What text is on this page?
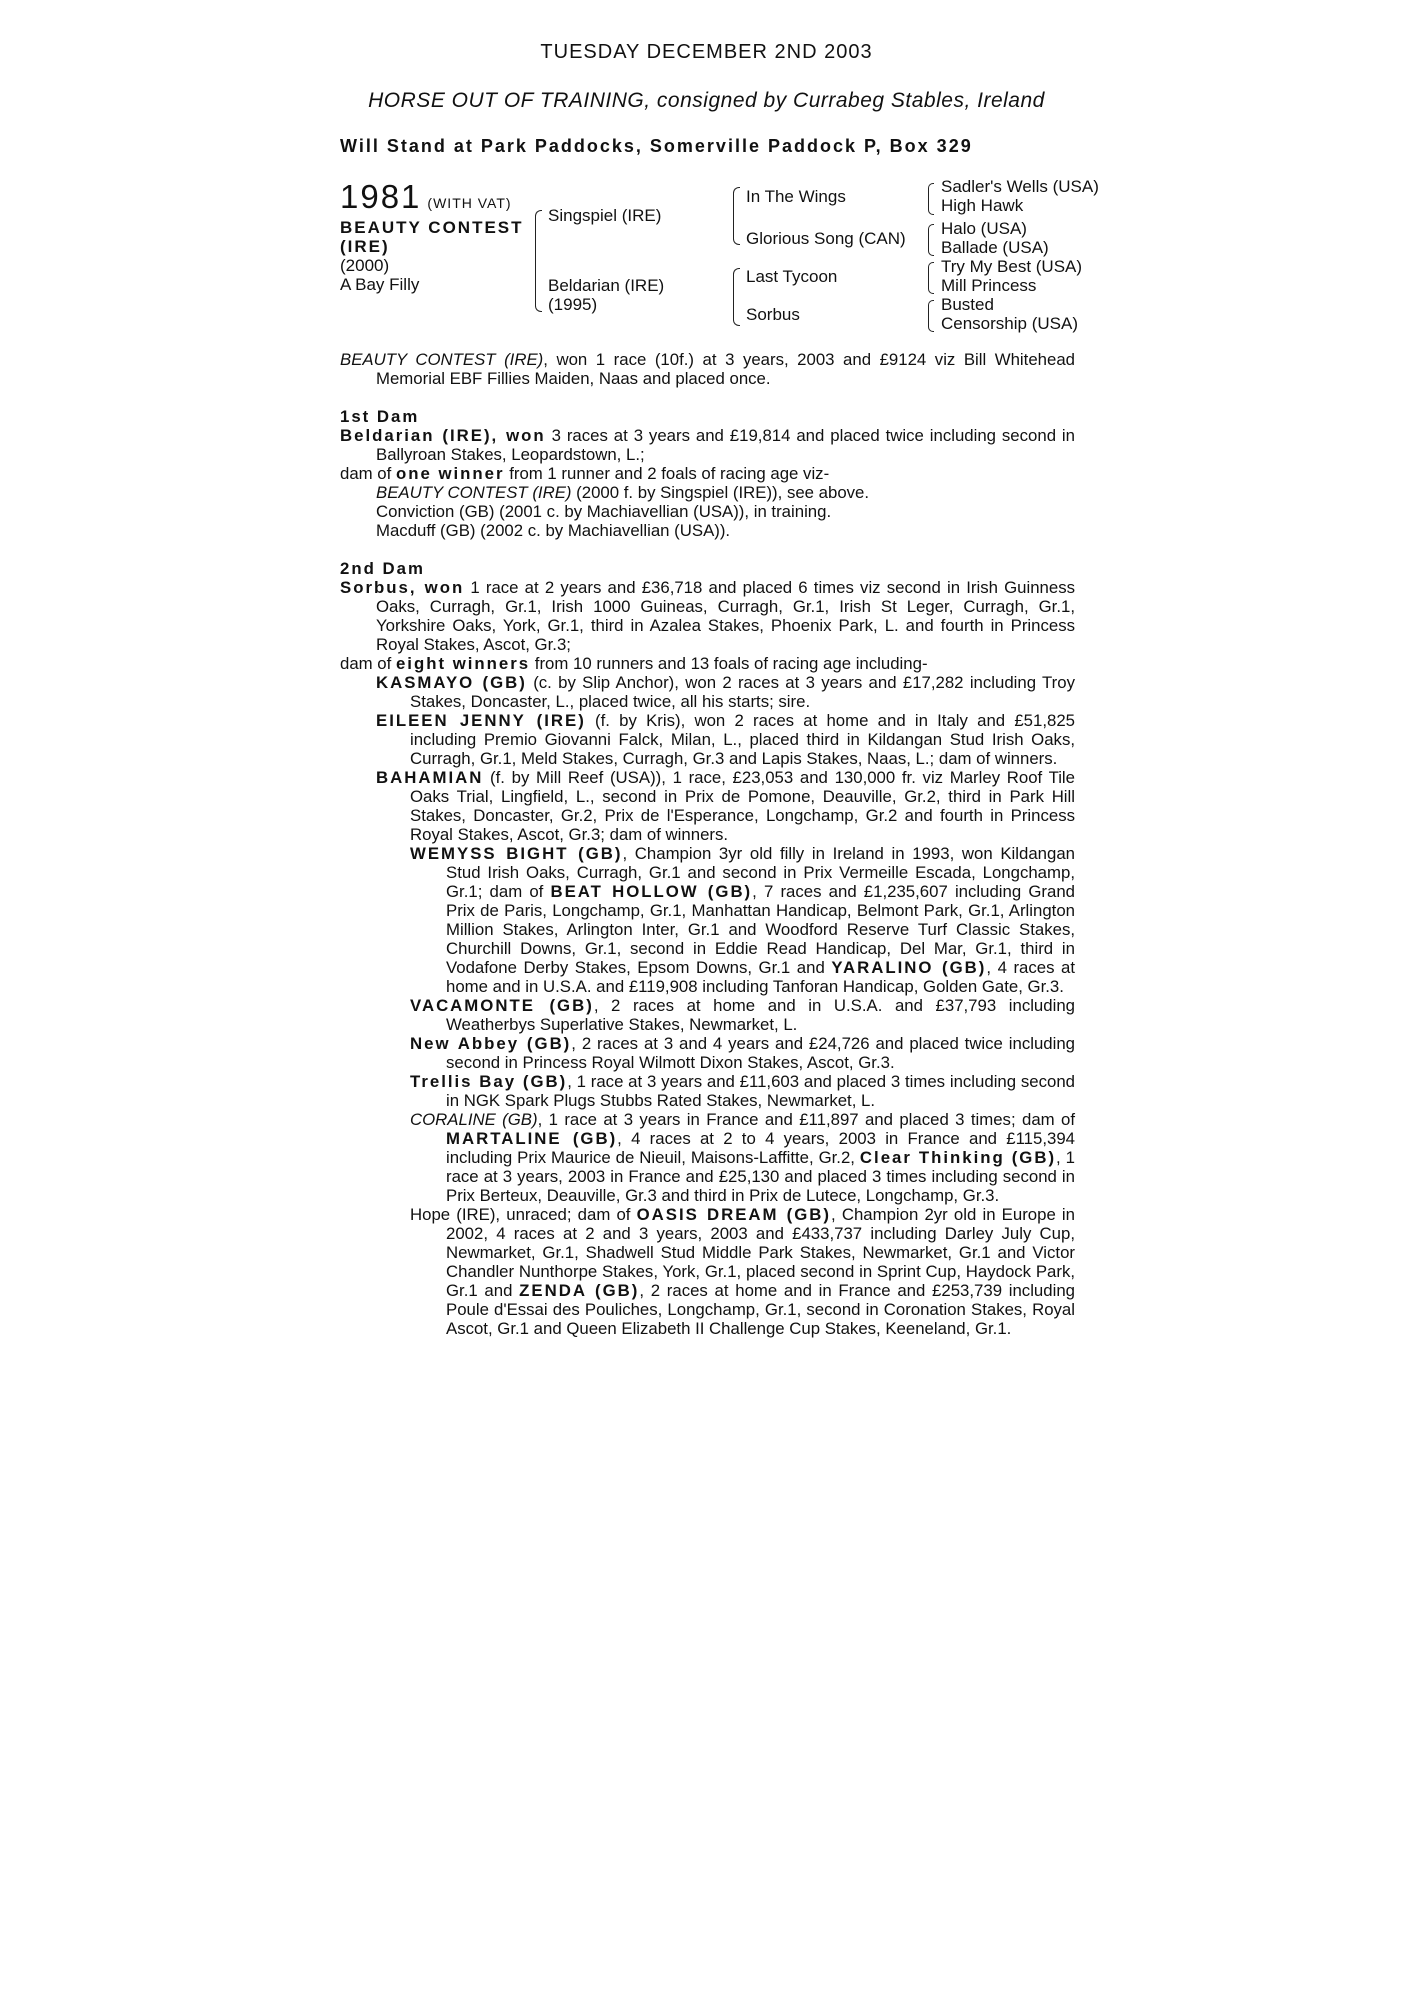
TUESDAY DECEMBER 2ND 2003
HORSE OUT OF TRAINING, consigned by Currabeg Stables, Ireland
Will Stand at Park Paddocks, Somerville Paddock P, Box 329
1981 (WITH VAT)
BEAUTY CONTEST
(IRE)
(2000)
A Bay Filly
Singspiel (IRE)
Beldarian (IRE)
(1995)
In The Wings
Glorious Song (CAN)
Last Tycoon
Sorbus
Sadler's Wells (USA)
High Hawk
Halo (USA)
Ballade (USA)
Try My Best (USA)
Mill Princess
Busted
Censorship (USA)

BEAUTY CONTEST (IRE), won 1 race (10f.) at 3 years, 2003 and £9124 viz Bill Whitehead Memorial EBF Fillies Maiden, Naas and placed once.

1st Dam

Beldarian (IRE), won 3 races at 3 years and £19,814 and placed twice including second in Ballyroan Stakes, Leopardstown, L.;

dam of one winner from 1 runner and 2 foals of racing age viz-

BEAUTY CONTEST (IRE) (2000 f. by Singspiel (IRE)), see above.

Conviction (GB) (2001 c. by Machiavellian (USA)), in training.

Macduff (GB) (2002 c. by Machiavellian (USA)).

2nd Dam

Sorbus, won 1 race at 2 years and £36,718 and placed 6 times viz second in Irish Guinness Oaks, Curragh, Gr.1, Irish 1000 Guineas, Curragh, Gr.1, Irish St Leger, Curragh, Gr.1, Yorkshire Oaks, York, Gr.1, third in Azalea Stakes, Phoenix Park, L. and fourth in Princess Royal Stakes, Ascot, Gr.3;

dam of eight winners from 10 runners and 13 foals of racing age including-

KASMAYO (GB) (c. by Slip Anchor), won 2 races at 3 years and £17,282 including Troy Stakes, Doncaster, L., placed twice, all his starts; sire.

EILEEN JENNY (IRE) (f. by Kris), won 2 races at home and in Italy and £51,825 including Premio Giovanni Falck, Milan, L., placed third in Kildangan Stud Irish Oaks, Curragh, Gr.1, Meld Stakes, Curragh, Gr.3 and Lapis Stakes, Naas, L.; dam of winners.

BAHAMIAN (f. by Mill Reef (USA)), 1 race, £23,053 and 130,000 fr. viz Marley Roof Tile Oaks Trial, Lingfield, L., second in Prix de Pomone, Deauville, Gr.2, third in Park Hill Stakes, Doncaster, Gr.2, Prix de l'Esperance, Longchamp, Gr.2 and fourth in Princess Royal Stakes, Ascot, Gr.3; dam of winners.

WEMYSS BIGHT (GB), Champion 3yr old filly in Ireland in 1993, won Kildangan Stud Irish Oaks, Curragh, Gr.1 and second in Prix Vermeille Escada, Longchamp, Gr.1; dam of BEAT HOLLOW (GB), 7 races and £1,235,607 including Grand Prix de Paris, Longchamp, Gr.1, Manhattan Handicap, Belmont Park, Gr.1, Arlington Million Stakes, Arlington Inter, Gr.1 and Woodford Reserve Turf Classic Stakes, Churchill Downs, Gr.1, second in Eddie Read Handicap, Del Mar, Gr.1, third in Vodafone Derby Stakes, Epsom Downs, Gr.1 and YARALINO (GB), 4 races at home and in U.S.A. and £119,908 including Tanforan Handicap, Golden Gate, Gr.3.

VACAMONTE (GB), 2 races at home and in U.S.A. and £37,793 including Weatherbys Superlative Stakes, Newmarket, L.

New Abbey (GB), 2 races at 3 and 4 years and £24,726 and placed twice including second in Princess Royal Wilmott Dixon Stakes, Ascot, Gr.3.

Trellis Bay (GB), 1 race at 3 years and £11,603 and placed 3 times including second in NGK Spark Plugs Stubbs Rated Stakes, Newmarket, L.

CORALINE (GB), 1 race at 3 years in France and £11,897 and placed 3 times; dam of MARTALINE (GB), 4 races at 2 to 4 years, 2003 in France and £115,394 including Prix Maurice de Nieuil, Maisons-Laffitte, Gr.2, Clear Thinking (GB), 1 race at 3 years, 2003 in France and £25,130 and placed 3 times including second in Prix Berteux, Deauville, Gr.3 and third in Prix de Lutece, Longchamp, Gr.3.

Hope (IRE), unraced; dam of OASIS DREAM (GB), Champion 2yr old in Europe in 2002, 4 races at 2 and 3 years, 2003 and £433,737 including Darley July Cup, Newmarket, Gr.1, Shadwell Stud Middle Park Stakes, Newmarket, Gr.1 and Victor Chandler Nunthorpe Stakes, York, Gr.1, placed second in Sprint Cup, Haydock Park, Gr.1 and ZENDA (GB), 2 races at home and in France and £253,739 including Poule d'Essai des Pouliches, Longchamp, Gr.1, second in Coronation Stakes, Royal Ascot, Gr.1 and Queen Elizabeth II Challenge Cup Stakes, Keeneland, Gr.1.
